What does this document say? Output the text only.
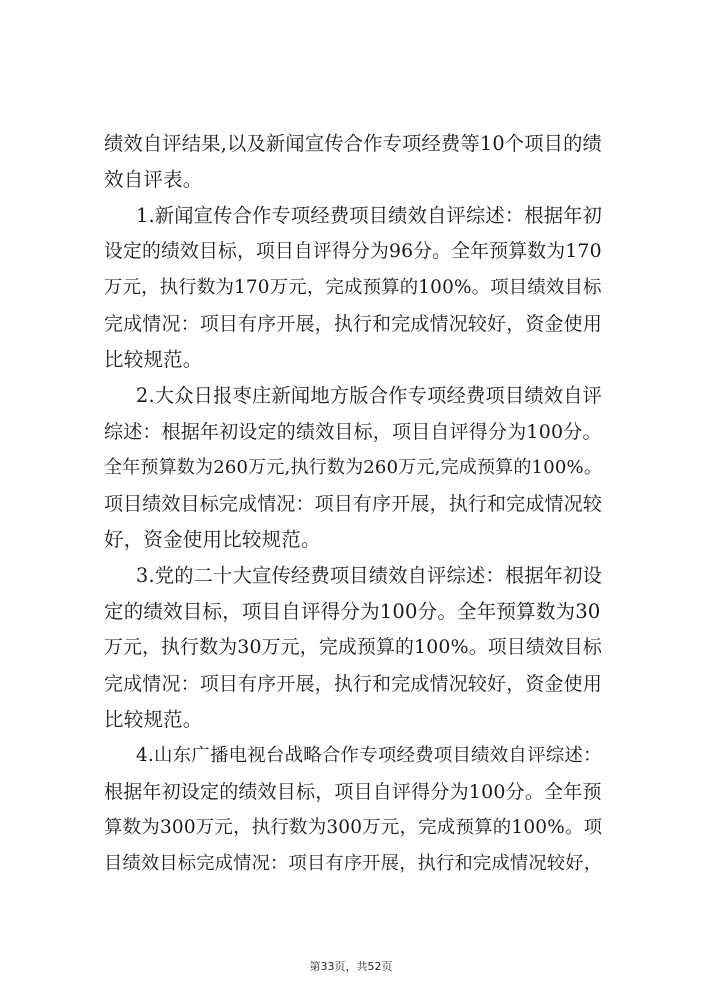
绩效自评结果,以及新闻宣传合作专项经费等10个项目的绩
效自评表。
1.新闻宣传合作专项经费项目绩效自评综述：根据年初
设定的绩效目标，项目自评得分为96分。全年预算数为170
万元，执行数为170万元，完成预算的100%。项目绩效目标
完成情况：项目有序开展，执行和完成情况较好，资金使用
比较规范。
2.大众日报枣庄新闻地方版合作专项经费项目绩效自评
综述：根据年初设定的绩效目标，项目自评得分为100分。
全年预算数为260万元,执行数为260万元,完成预算的100%。
项目绩效目标完成情况：项目有序开展，执行和完成情况较
好，资金使用比较规范。
3.党的二十大宣传经费项目绩效自评综述：根据年初设
定的绩效目标，项目自评得分为100分。全年预算数为30
万元，执行数为30万元，完成预算的100%。项目绩效目标
完成情况：项目有序开展，执行和完成情况较好，资金使用
比较规范。
4.山东广播电视台战略合作专项经费项目绩效自评综述：
根据年初设定的绩效目标，项目自评得分为100分。全年预
算数为300万元，执行数为300万元，完成预算的100%。项
目绩效目标完成情况：项目有序开展，执行和完成情况较好，
第33页，共52页
